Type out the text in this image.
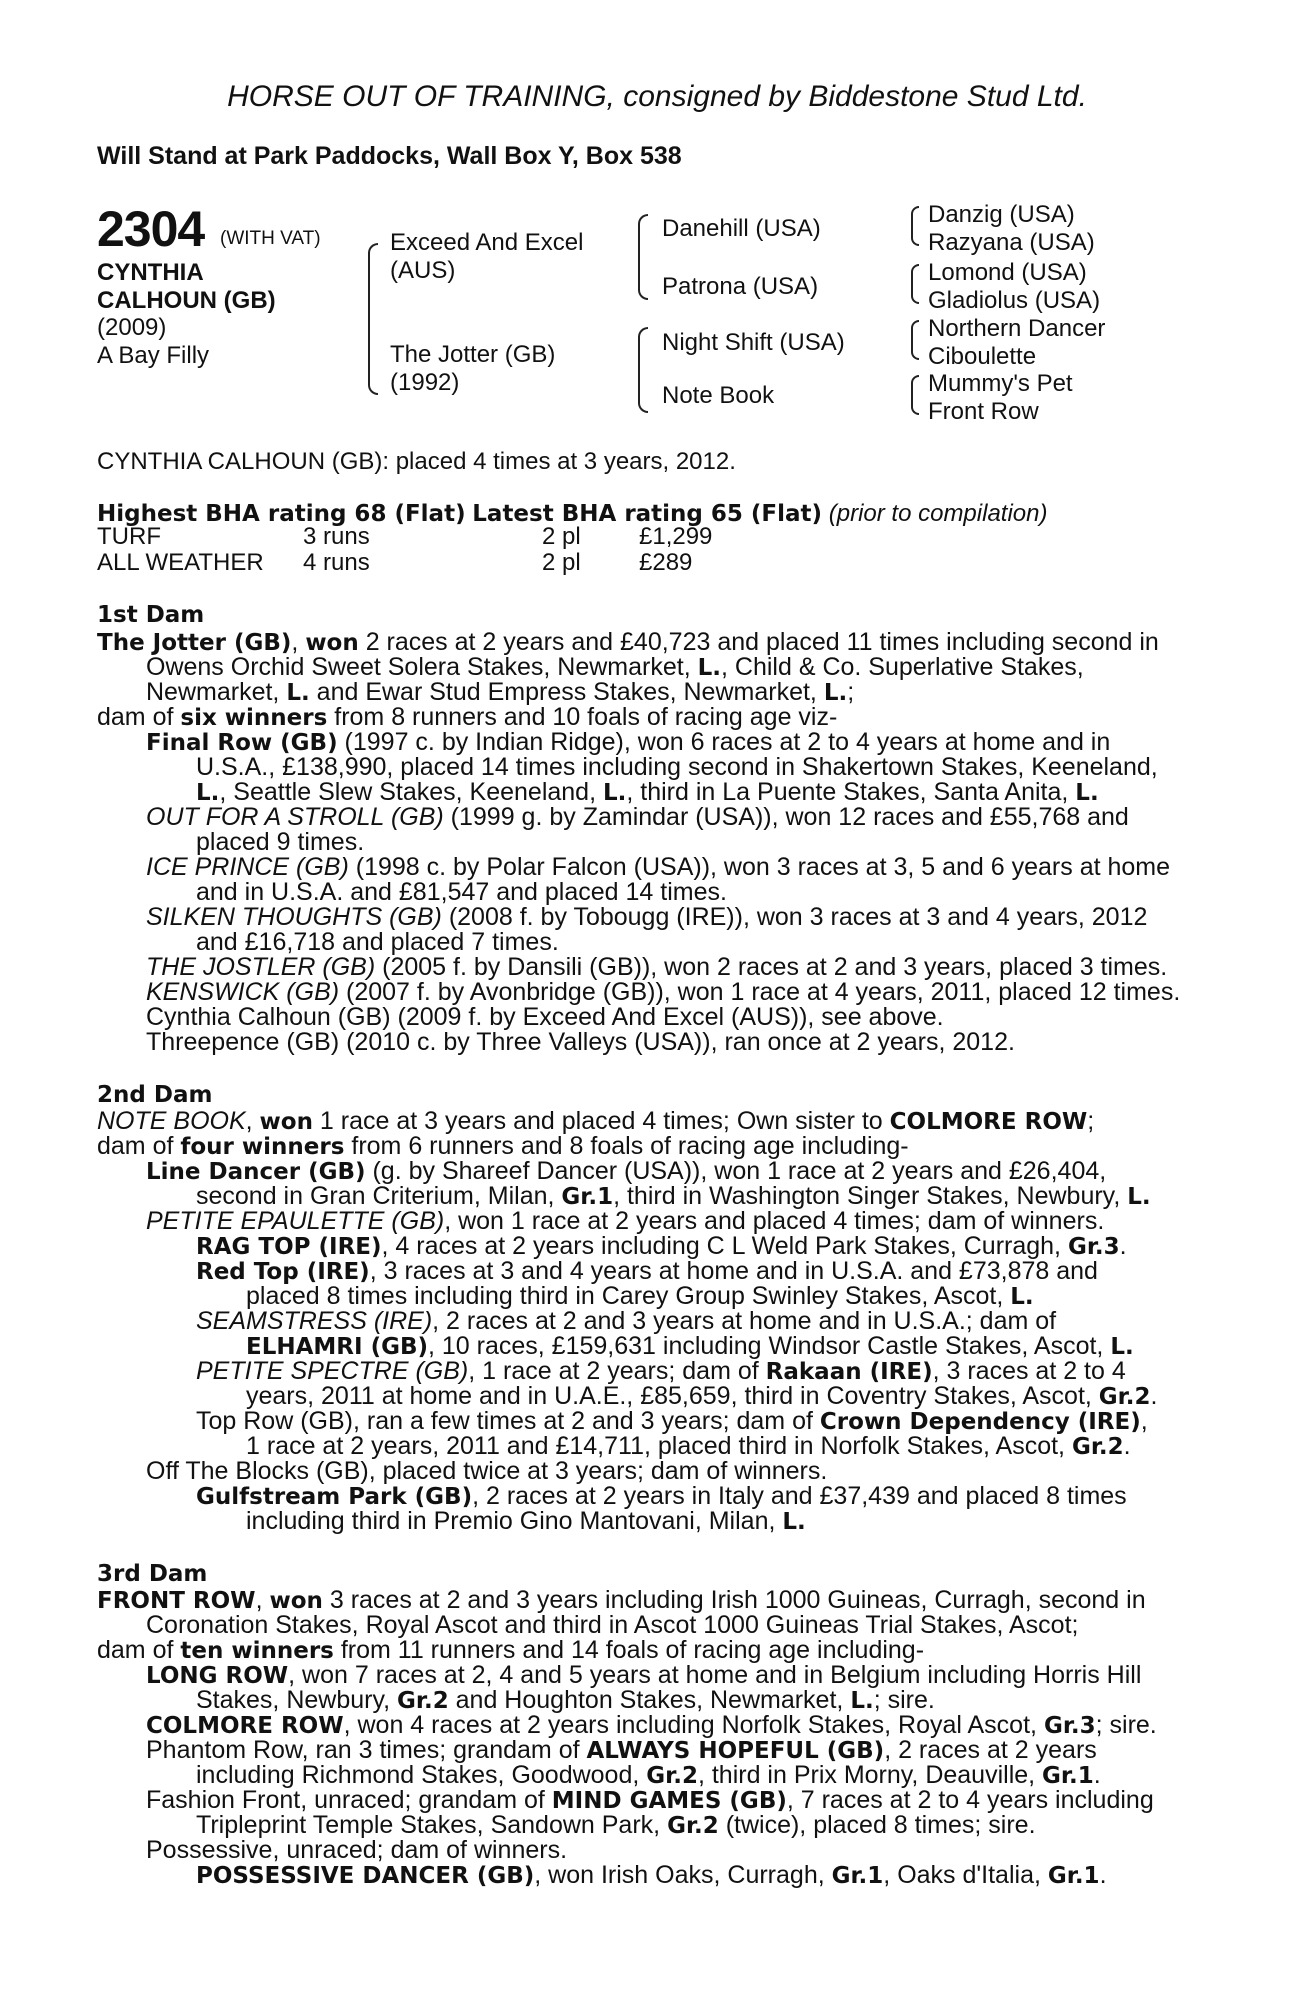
HORSE OUT OF TRAINING, consigned by Biddestone Stud Ltd.
Will Stand at Park Paddocks, Wall Box Y, Box 538
2304 (WITH VAT)
CYNTHIA
CALHOUN (GB)
(2009)
A Bay Filly
Exceed And Excel
(AUS)
The Jotter (GB)
(1992)
Danehill (USA)
Patrona (USA)
Night Shift (USA)
Note Book
Danzig (USA)
Razyana (USA)
Lomond (USA)
Gladiolus (USA)
Northern Dancer
Ciboulette
Mummy's Pet
Front Row
CYNTHIA CALHOUN (GB): placed 4 times at 3 years, 2012.
Highest BHA rating 68 (Flat) Latest BHA rating 65 (Flat) (prior to compilation)
TURF	3 runs	2 pl	£1,299
ALL WEATHER	4 runs	2 pl	£289
1st Dam
The Jotter (GB), won 2 races at 2 years and £40,723 and placed 11 times including second in
Owens Orchid Sweet Solera Stakes, Newmarket, L., Child & Co. Superlative Stakes,
Newmarket, L. and Ewar Stud Empress Stakes, Newmarket, L.;
dam of six winners from 8 runners and 10 foals of racing age viz-
Final Row (GB) (1997 c. by Indian Ridge), won 6 races at 2 to 4 years at home and in
U.S.A., £138,990, placed 14 times including second in Shakertown Stakes, Keeneland,
L., Seattle Slew Stakes, Keeneland, L., third in La Puente Stakes, Santa Anita, L.
OUT FOR A STROLL (GB) (1999 g. by Zamindar (USA)), won 12 races and £55,768 and
placed 9 times.
ICE PRINCE (GB) (1998 c. by Polar Falcon (USA)), won 3 races at 3, 5 and 6 years at home
and in U.S.A. and £81,547 and placed 14 times.
SILKEN THOUGHTS (GB) (2008 f. by Tobougg (IRE)), won 3 races at 3 and 4 years, 2012
and £16,718 and placed 7 times.
THE JOSTLER (GB) (2005 f. by Dansili (GB)), won 2 races at 2 and 3 years, placed 3 times.
KENSWICK (GB) (2007 f. by Avonbridge (GB)), won 1 race at 4 years, 2011, placed 12 times.
Cynthia Calhoun (GB) (2009 f. by Exceed And Excel (AUS)), see above.
Threepence (GB) (2010 c. by Three Valleys (USA)), ran once at 2 years, 2012.
2nd Dam
NOTE BOOK, won 1 race at 3 years and placed 4 times; Own sister to COLMORE ROW;
dam of four winners from 6 runners and 8 foals of racing age including-
Line Dancer (GB) (g. by Shareef Dancer (USA)), won 1 race at 2 years and £26,404,
second in Gran Criterium, Milan, Gr.1, third in Washington Singer Stakes, Newbury, L.
PETITE EPAULETTE (GB), won 1 race at 2 years and placed 4 times; dam of winners.
RAG TOP (IRE), 4 races at 2 years including C L Weld Park Stakes, Curragh, Gr.3.
Red Top (IRE), 3 races at 3 and 4 years at home and in U.S.A. and £73,878 and
placed 8 times including third in Carey Group Swinley Stakes, Ascot, L.
SEAMSTRESS (IRE), 2 races at 2 and 3 years at home and in U.S.A.; dam of
ELHAMRI (GB), 10 races, £159,631 including Windsor Castle Stakes, Ascot, L.
PETITE SPECTRE (GB), 1 race at 2 years; dam of Rakaan (IRE), 3 races at 2 to 4
years, 2011 at home and in U.A.E., £85,659, third in Coventry Stakes, Ascot, Gr.2.
Top Row (GB), ran a few times at 2 and 3 years; dam of Crown Dependency (IRE),
1 race at 2 years, 2011 and £14,711, placed third in Norfolk Stakes, Ascot, Gr.2.
Off The Blocks (GB), placed twice at 3 years; dam of winners.
Gulfstream Park (GB), 2 races at 2 years in Italy and £37,439 and placed 8 times
including third in Premio Gino Mantovani, Milan, L.
3rd Dam
FRONT ROW, won 3 races at 2 and 3 years including Irish 1000 Guineas, Curragh, second in
Coronation Stakes, Royal Ascot and third in Ascot 1000 Guineas Trial Stakes, Ascot;
dam of ten winners from 11 runners and 14 foals of racing age including-
LONG ROW, won 7 races at 2, 4 and 5 years at home and in Belgium including Horris Hill
Stakes, Newbury, Gr.2 and Houghton Stakes, Newmarket, L.; sire.
COLMORE ROW, won 4 races at 2 years including Norfolk Stakes, Royal Ascot, Gr.3; sire.
Phantom Row, ran 3 times; grandam of ALWAYS HOPEFUL (GB), 2 races at 2 years
including Richmond Stakes, Goodwood, Gr.2, third in Prix Morny, Deauville, Gr.1.
Fashion Front, unraced; grandam of MIND GAMES (GB), 7 races at 2 to 4 years including
Tripleprint Temple Stakes, Sandown Park, Gr.2 (twice), placed 8 times; sire.
Possessive, unraced; dam of winners.
POSSESSIVE DANCER (GB), won Irish Oaks, Curragh, Gr.1, Oaks d'Italia, Gr.1.
